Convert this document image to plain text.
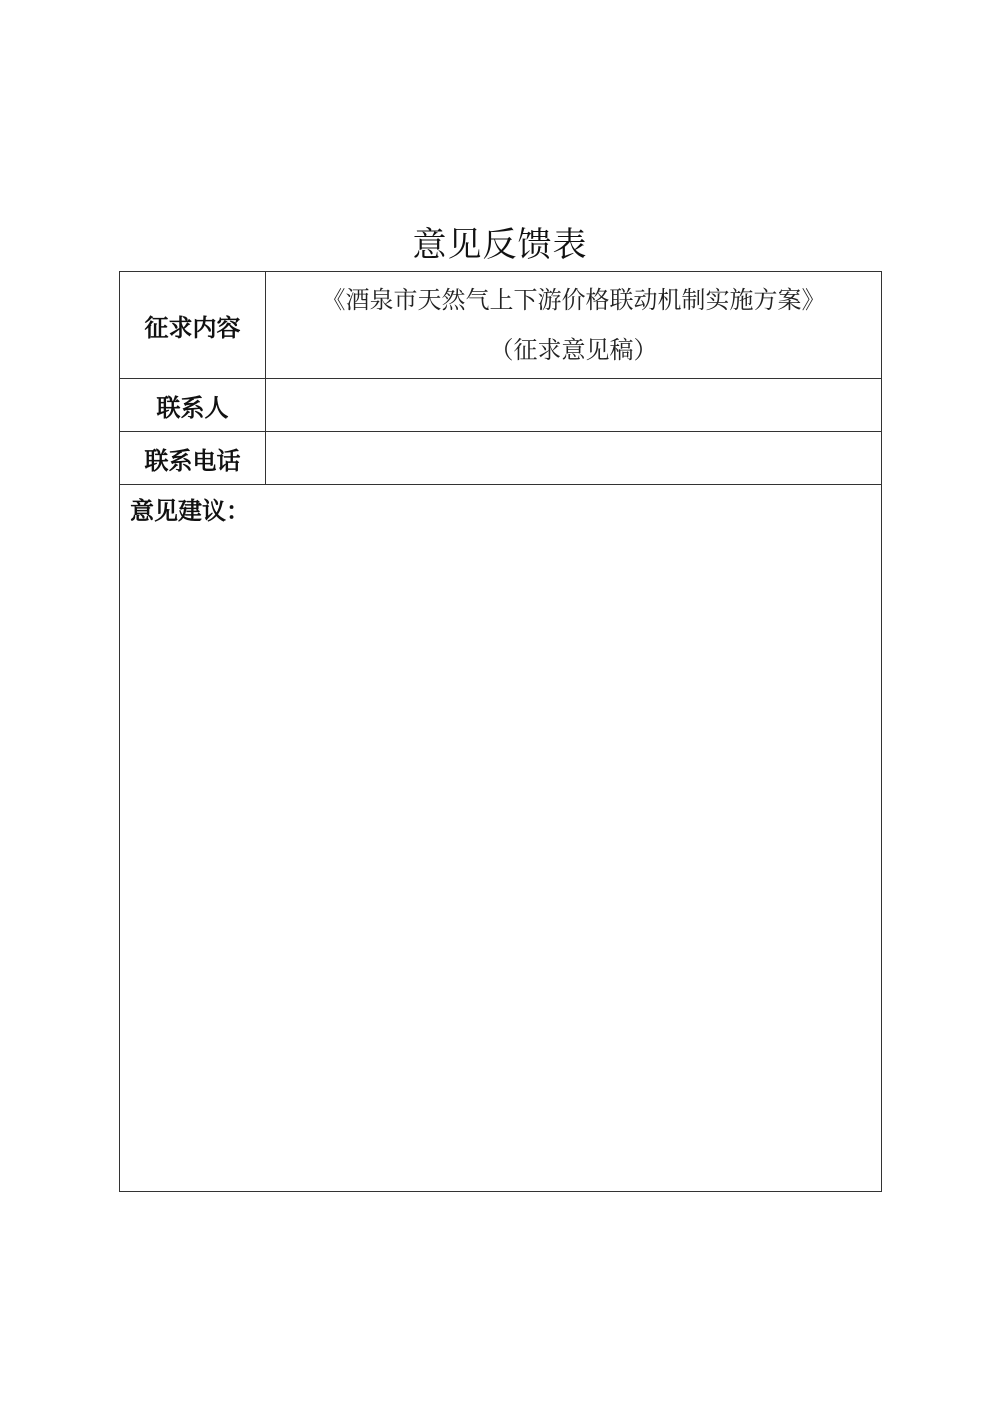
意见反馈表
征求内容	《酒泉市天然气上下游价格联动机制实施方案》
（征求意见稿）

联系人	
联系电话	

意见建议：	
